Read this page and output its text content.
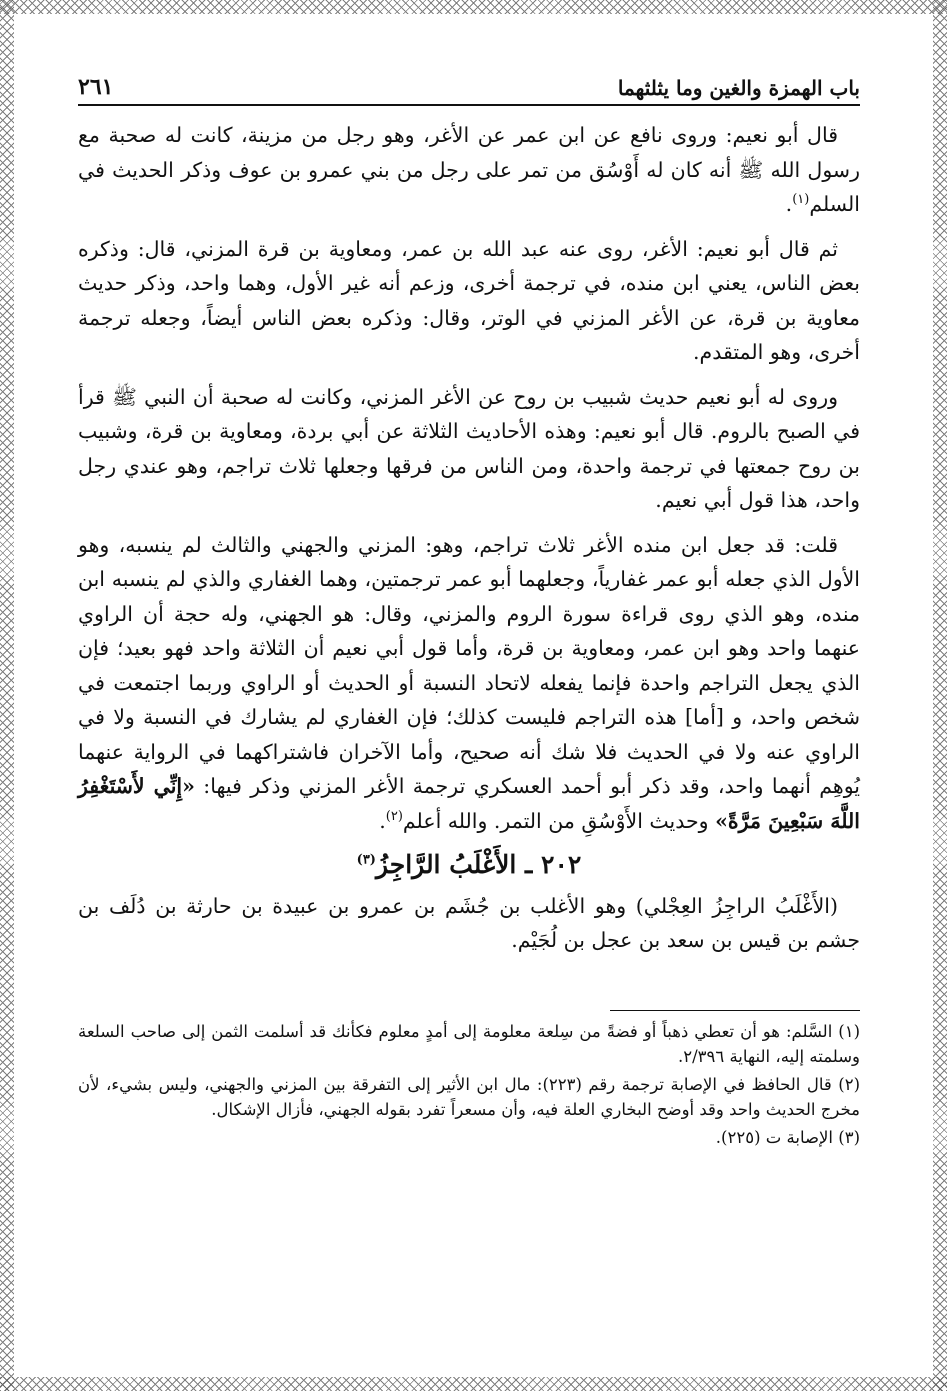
باب الهمزة والغين وما يثلثهما
٢٦١

قال أبو نعيم: وروى نافع عن ابن عمر عن الأغر، وهو رجل من مزينة، كانت له صحبة مع رسول الله ﷺ أنه كان له أَوْسُق من تمر على رجل من بني عمرو بن عوف وذكر الحديث في السلم$^{(١)}$.

ثم قال أبو نعيم: الأغر، روى عنه عبد الله بن عمر، ومعاوية بن قرة المزني، قال: وذكره بعض الناس، يعني ابن منده، في ترجمة أخرى، وزعم أنه غير الأول، وهما واحد، وذكر حديث معاوية بن قرة، عن الأغر المزني في الوتر، وقال: وذكره بعض الناس أيضاً، وجعله ترجمة أخرى، وهو المتقدم.

وروى له أبو نعيم حديث شبيب بن روح عن الأغر المزني، وكانت له صحبة أن النبي ﷺ قرأ في الصبح بالروم. قال أبو نعيم: وهذه الأحاديث الثلاثة عن أبي بردة، ومعاوية بن قرة، وشبيب بن روح جمعتها في ترجمة واحدة، ومن الناس من فرقها وجعلها ثلاث تراجم، وهو عندي رجل واحد، هذا قول أبي نعيم.

قلت: قد جعل ابن منده الأغر ثلاث تراجم، وهو: المزني والجهني والثالث لم ينسبه، وهو الأول الذي جعله أبو عمر غفارياً، وجعلهما أبو عمر ترجمتين، وهما الغفاري والذي لم ينسبه ابن منده، وهو الذي روى قراءة سورة الروم والمزني، وقال: هو الجهني، وله حجة أن الراوي عنهما واحد وهو ابن عمر، ومعاوية بن قرة، وأما قول أبي نعيم أن الثلاثة واحد فهو بعيد؛ فإن الذي يجعل التراجم واحدة فإنما يفعله لاتحاد النسبة أو الحديث أو الراوي وربما اجتمعت في شخص واحد، و [أما] هذه التراجم فليست كذلك؛ فإن الغفاري لم يشارك في النسبة ولا في الراوي عنه ولا في الحديث فلا شك أنه صحيح، وأما الآخران فاشتراكهما في الرواية عنهما يُوهِم أنهما واحد، وقد ذكر أبو أحمد العسكري ترجمة الأغر المزني وذكر فيها: «إِنِّي لأَسْتَغْفِرُ اللَّهَ سَبْعِينَ مَرَّةً» وحديث الأَوْسُقِ من التمر. والله أعلم$^{(٢)}$.

٢٠٢ ـ الأَغْلَبُ الرَّاجِزُ$^{(٣)}$

(الأَغْلَبُ الراجِزُ العِجْلي) وهو الأغلب بن جُشَم بن عمرو بن عبيدة بن حارثة بن دُلَف بن جشم بن قيس بن سعد بن عجل بن لُجَيْم.

(١) السَّلم: هو أن تعطي ذهباً أو فضةً من سِلعة معلومة إلى أمدٍ معلوم فكأنك قد أسلمت الثمن إلى صاحب السلعة وسلمته إليه، النهاية ٢/٣٩٦.

(٢) قال الحافظ في الإصابة ترجمة رقم (٢٢٣): مال ابن الأثير إلى التفرقة بين المزني والجهني، وليس بشيء، لأن مخرج الحديث واحد وقد أوضح البخاري العلة فيه، وأن مسعراً تفرد بقوله الجهني، فأزال الإشكال.

(٣) الإصابة ت (٢٢٥).
